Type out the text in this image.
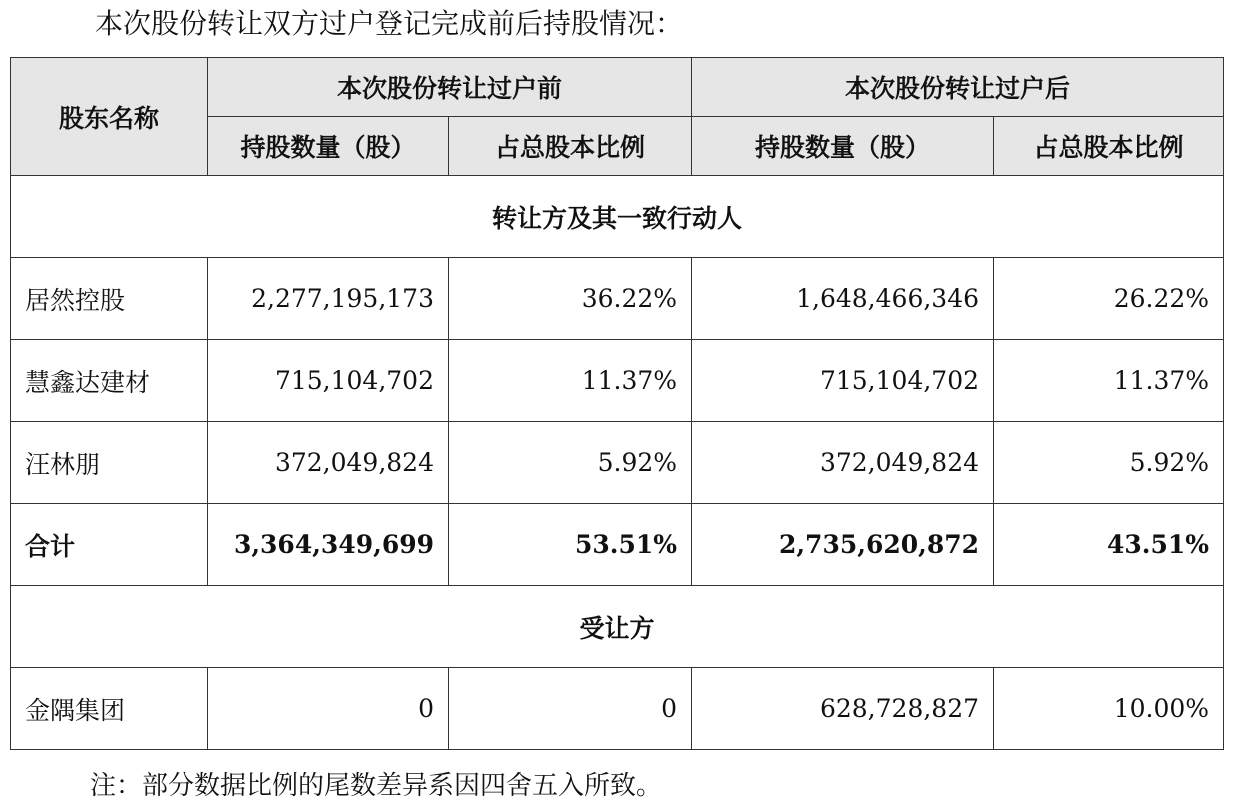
本次股份转让双方过户登记完成前后持股情况：
股东名称	本次股份转让过户前		本次股份转让过户后	
	持股数量（股）	占总股本比例	持股数量（股）	占总股本比例
转让方及其一致行动人				
居然控股	2,277,195,173	36.22%	1,648,466,346	26.22%
慧鑫达建材	715,104,702	11.37%	715,104,702	11.37%
汪林朋	372,049,824	5.92%	372,049,824	5.92%
合计	3,364,349,699	53.51%	2,735,620,872	43.51%
受让方				
金隅集团	0	0	628,728,827	10.00%
注：部分数据比例的尾数差异系因四舍五入所致。
